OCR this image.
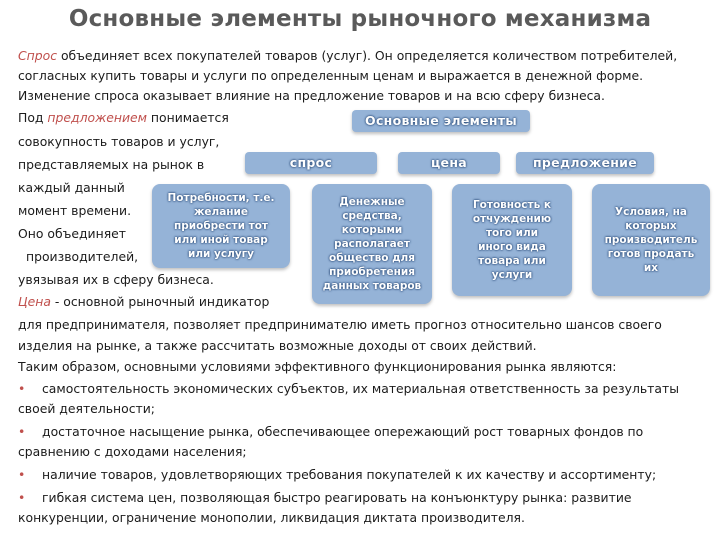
Основные элементы рыночного механизма
Спрос объединяет всех покупателей товаров (услуг). Он определяется количеством потребителей,
согласных купить товары и услуги по определенным ценам и выражается в денежной форме.
Изменение спроса оказывает влияние на предложение товаров и на всю сферу бизнеса.
Под предложением понимается
совокупность товаров и услуг,
представляемых на рынок в
каждый данный
момент времени.
Оно объединяет
производителей,
увязывая их в сферу бизнеса.
Цена - основной рыночный индикатор
для предпринимателя, позволяет предпринимателю иметь прогноз относительно шансов своего
изделия на рынке, а также рассчитать возможные доходы от своих действий.
Таким образом, основными условиями эффективного функционирования рынка являются:
• самостоятельность экономических субъектов, их материальная ответственность за результаты
своей деятельности;
• достаточное насыщение рынка, обеспечивающее опережающий рост товарных фондов по
сравнению с доходами населения;
• наличие товаров, удовлетворяющих требования покупателей к их качеству и ассортименту;
• гибкая система цен, позволяющая быстро реагировать на конъюнктуру рынка: развитие
конкуренции, ограничение монополии, ликвидация диктата производителя.
Основные элементы
спрос	цена	предложение
Потребности, т.е.
желание
приобрести тот
или иной товар
или услугу
Денежные
средства,
которыми
располагает
общество для
приобретения
данных товаров
Готовность к
отчуждению
того или
иного вида
товара или
услуги
Условия, на
которых
производитель
готов продать
их
